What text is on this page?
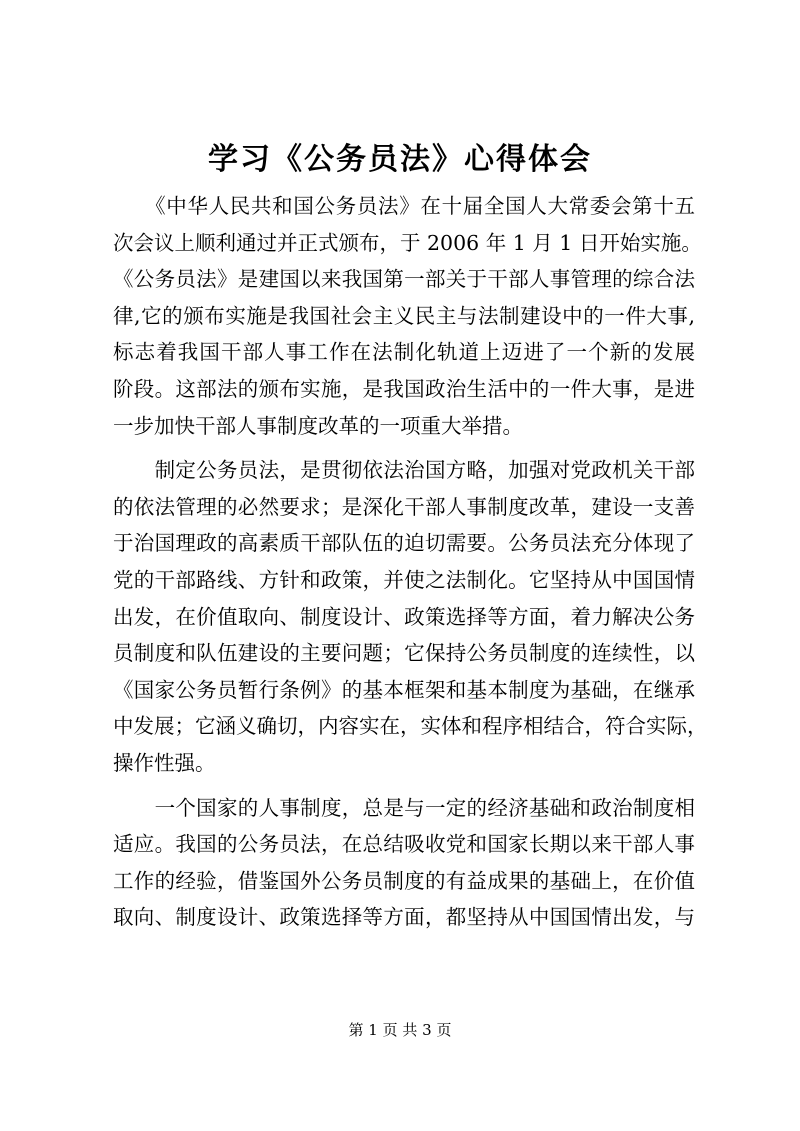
学习《公务员法》心得体会
　　《中华人民共和国公务员法》在十届全国人大常委会第十五
次会议上顺利通过并正式颁布，于 2006 年 1 月 1 日开始实施。
《公务员法》是建国以来我国第一部关于干部人事管理的综合法
律,它的颁布实施是我国社会主义民主与法制建设中的一件大事,
标志着我国干部人事工作在法制化轨道上迈进了一个新的发展
阶段。这部法的颁布实施，是我国政治生活中的一件大事，是进
一步加快干部人事制度改革的一项重大举措。
　　制定公务员法，是贯彻依法治国方略，加强对党政机关干部
的依法管理的必然要求；是深化干部人事制度改革，建设一支善
于治国理政的高素质干部队伍的迫切需要。公务员法充分体现了
党的干部路线、方针和政策，并使之法制化。它坚持从中国国情
出发，在价值取向、制度设计、政策选择等方面，着力解决公务
员制度和队伍建设的主要问题；它保持公务员制度的连续性，以
《国家公务员暂行条例》的基本框架和基本制度为基础，在继承
中发展；它涵义确切，内容实在，实体和程序相结合，符合实际，
操作性强。
　　一个国家的人事制度，总是与一定的经济基础和政治制度相
适应。我国的公务员法，在总结吸收党和国家长期以来干部人事
工作的经验，借鉴国外公务员制度的有益成果的基础上，在价值
取向、制度设计、政策选择等方面，都坚持从中国国情出发，与
第 1 页 共 3 页
